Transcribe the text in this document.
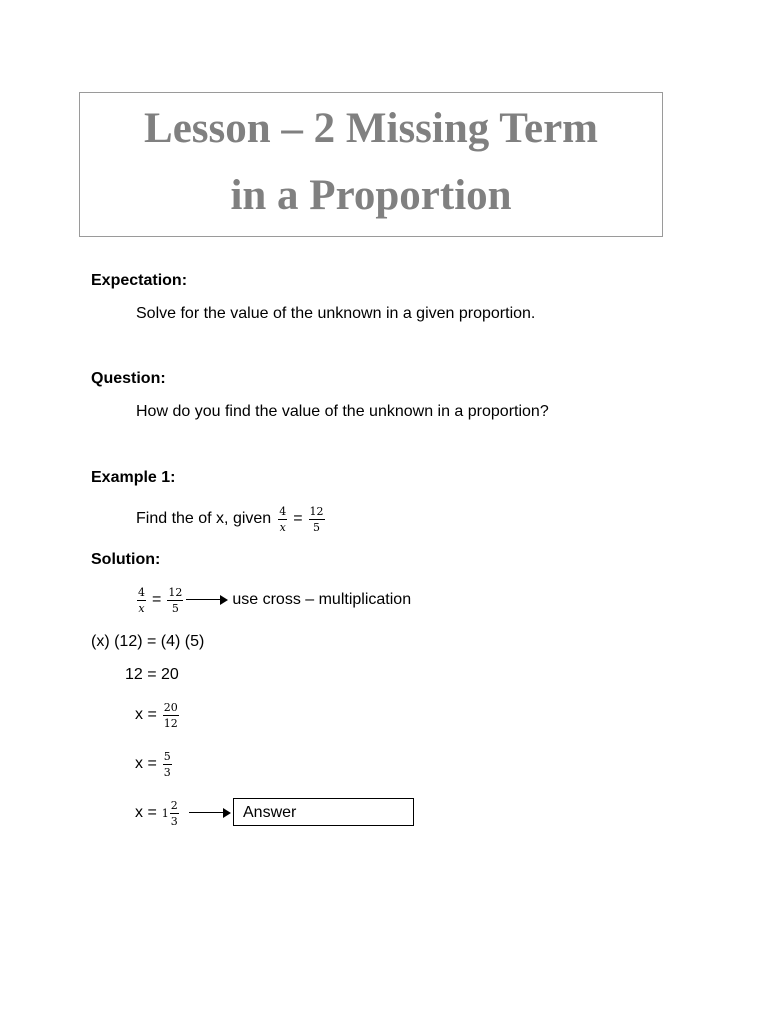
Lesson – 2 Missing Term
in a Proportion
Expectation:
Solve for the value of the unknown in a given proportion.
Question:
How do you find the value of the unknown in a proportion?
Example 1:
Find the of x, given $\frac{4}{x} = \frac{12}{5}$
Solution:
$\frac{4}{x} = \frac{12}{5}$	use cross – multiplication
(x) (12) = (4) (5)
12 = 20
$x = \frac{20}{12}$
$x = \frac{5}{3}$
$x = 1 \frac{2}{3}$	Answer
